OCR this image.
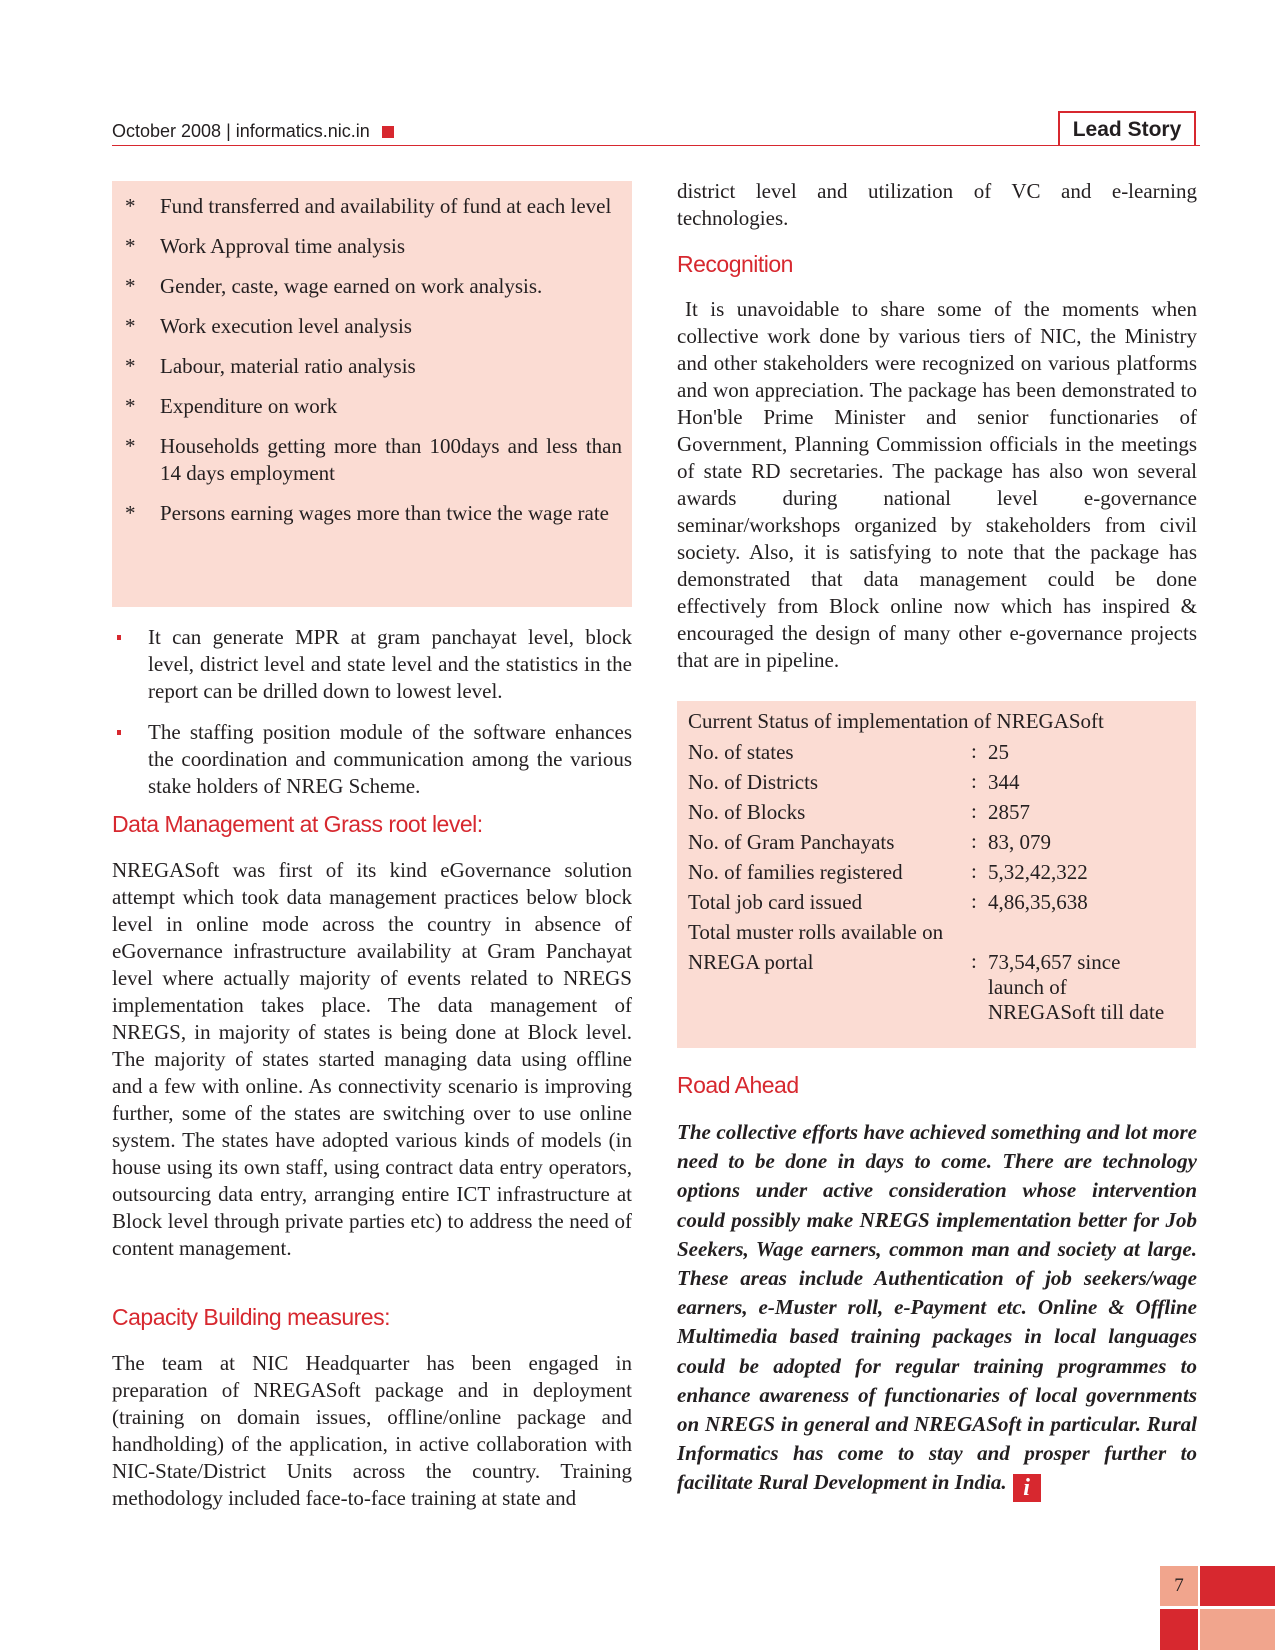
October 2008 | informatics.nic.in	Lead Story
* Fund transferred and availability of fund at each level
* Work Approval time analysis
* Gender, caste, wage earned on work analysis.
* Work execution level analysis
* Labour, material ratio analysis
* Expenditure on work
* Households getting more than 100days and less than 14 days employment
* Persons earning wages more than twice the wage rate
It can generate MPR at gram panchayat level, block level, district level and state level and the statistics in the report can be drilled down to lowest level.
The staffing position module of the software enhances the coordination and communication among the various stake holders of NREG Scheme.
Data Management at Grass root level:

NREGASoft was first of its kind eGovernance solution attempt which took data management practices below block level in online mode across the country in absence of eGovernance infrastructure availability at Gram Panchayat level where actually majority of events related to NREGS implementation takes place. The data management of NREGS, in majority of states is being done at Block level. The majority of states started managing data using offline and a few with online. As connectivity scenario is improving further, some of the states are switching over to use online system. The states have adopted various kinds of models (in house using its own staff, using contract data entry operators, outsourcing data entry, arranging entire ICT infrastructure at Block level through private parties etc) to address the need of content management.

Capacity Building measures:

The team at NIC Headquarter has been engaged in preparation of NREGASoft package and in deployment (training on domain issues, offline/online package and handholding) of the application, in active collaboration with NIC-State/District Units across the country. Training methodology included face-to-face training at state and

district level and utilization of VC and e-learning technologies.

Recognition

It is unavoidable to share some of the moments when collective work done by various tiers of NIC, the Ministry and other stakeholders were recognized on various platforms and won appreciation. The package has been demonstrated to Hon'ble Prime Minister and senior functionaries of Government, Planning Commission officials in the meetings of state RD secretaries. The package has also won several awards during national level e-governance seminar/workshops organized by stakeholders from civil society. Also, it is satisfying to note that the package has demonstrated that data management could be done effectively from Block online now which has inspired & encouraged the design of many other e-governance projects that are in pipeline.

Current Status of implementation of NREGASoft
No. of states	: 25
No. of Districts	: 344
No. of Blocks	: 2857
No. of Gram Panchayats	: 83, 079
No. of families registered	: 5,32,42,322
Total job card issued	: 4,86,35,638
Total muster rolls available on
NREGA portal	: 73,54,657 since
launch of
NREGASoft till date
Road Ahead

The collective efforts have achieved something and lot more need to be done in days to come. There are technology options under active consideration whose intervention could possibly make NREGS implementation better for Job Seekers, Wage earners, common man and society at large. These areas include Authentication of job seekers/wage earners, e-Muster roll, e-Payment etc. Online & Offline Multimedia based training packages in local languages could be adopted for regular training programmes to enhance awareness of functionaries of local governments on NREGS in general and NREGASoft in particular. Rural Informatics has come to stay and prosper further to facilitate Rural Development in India. i

7
